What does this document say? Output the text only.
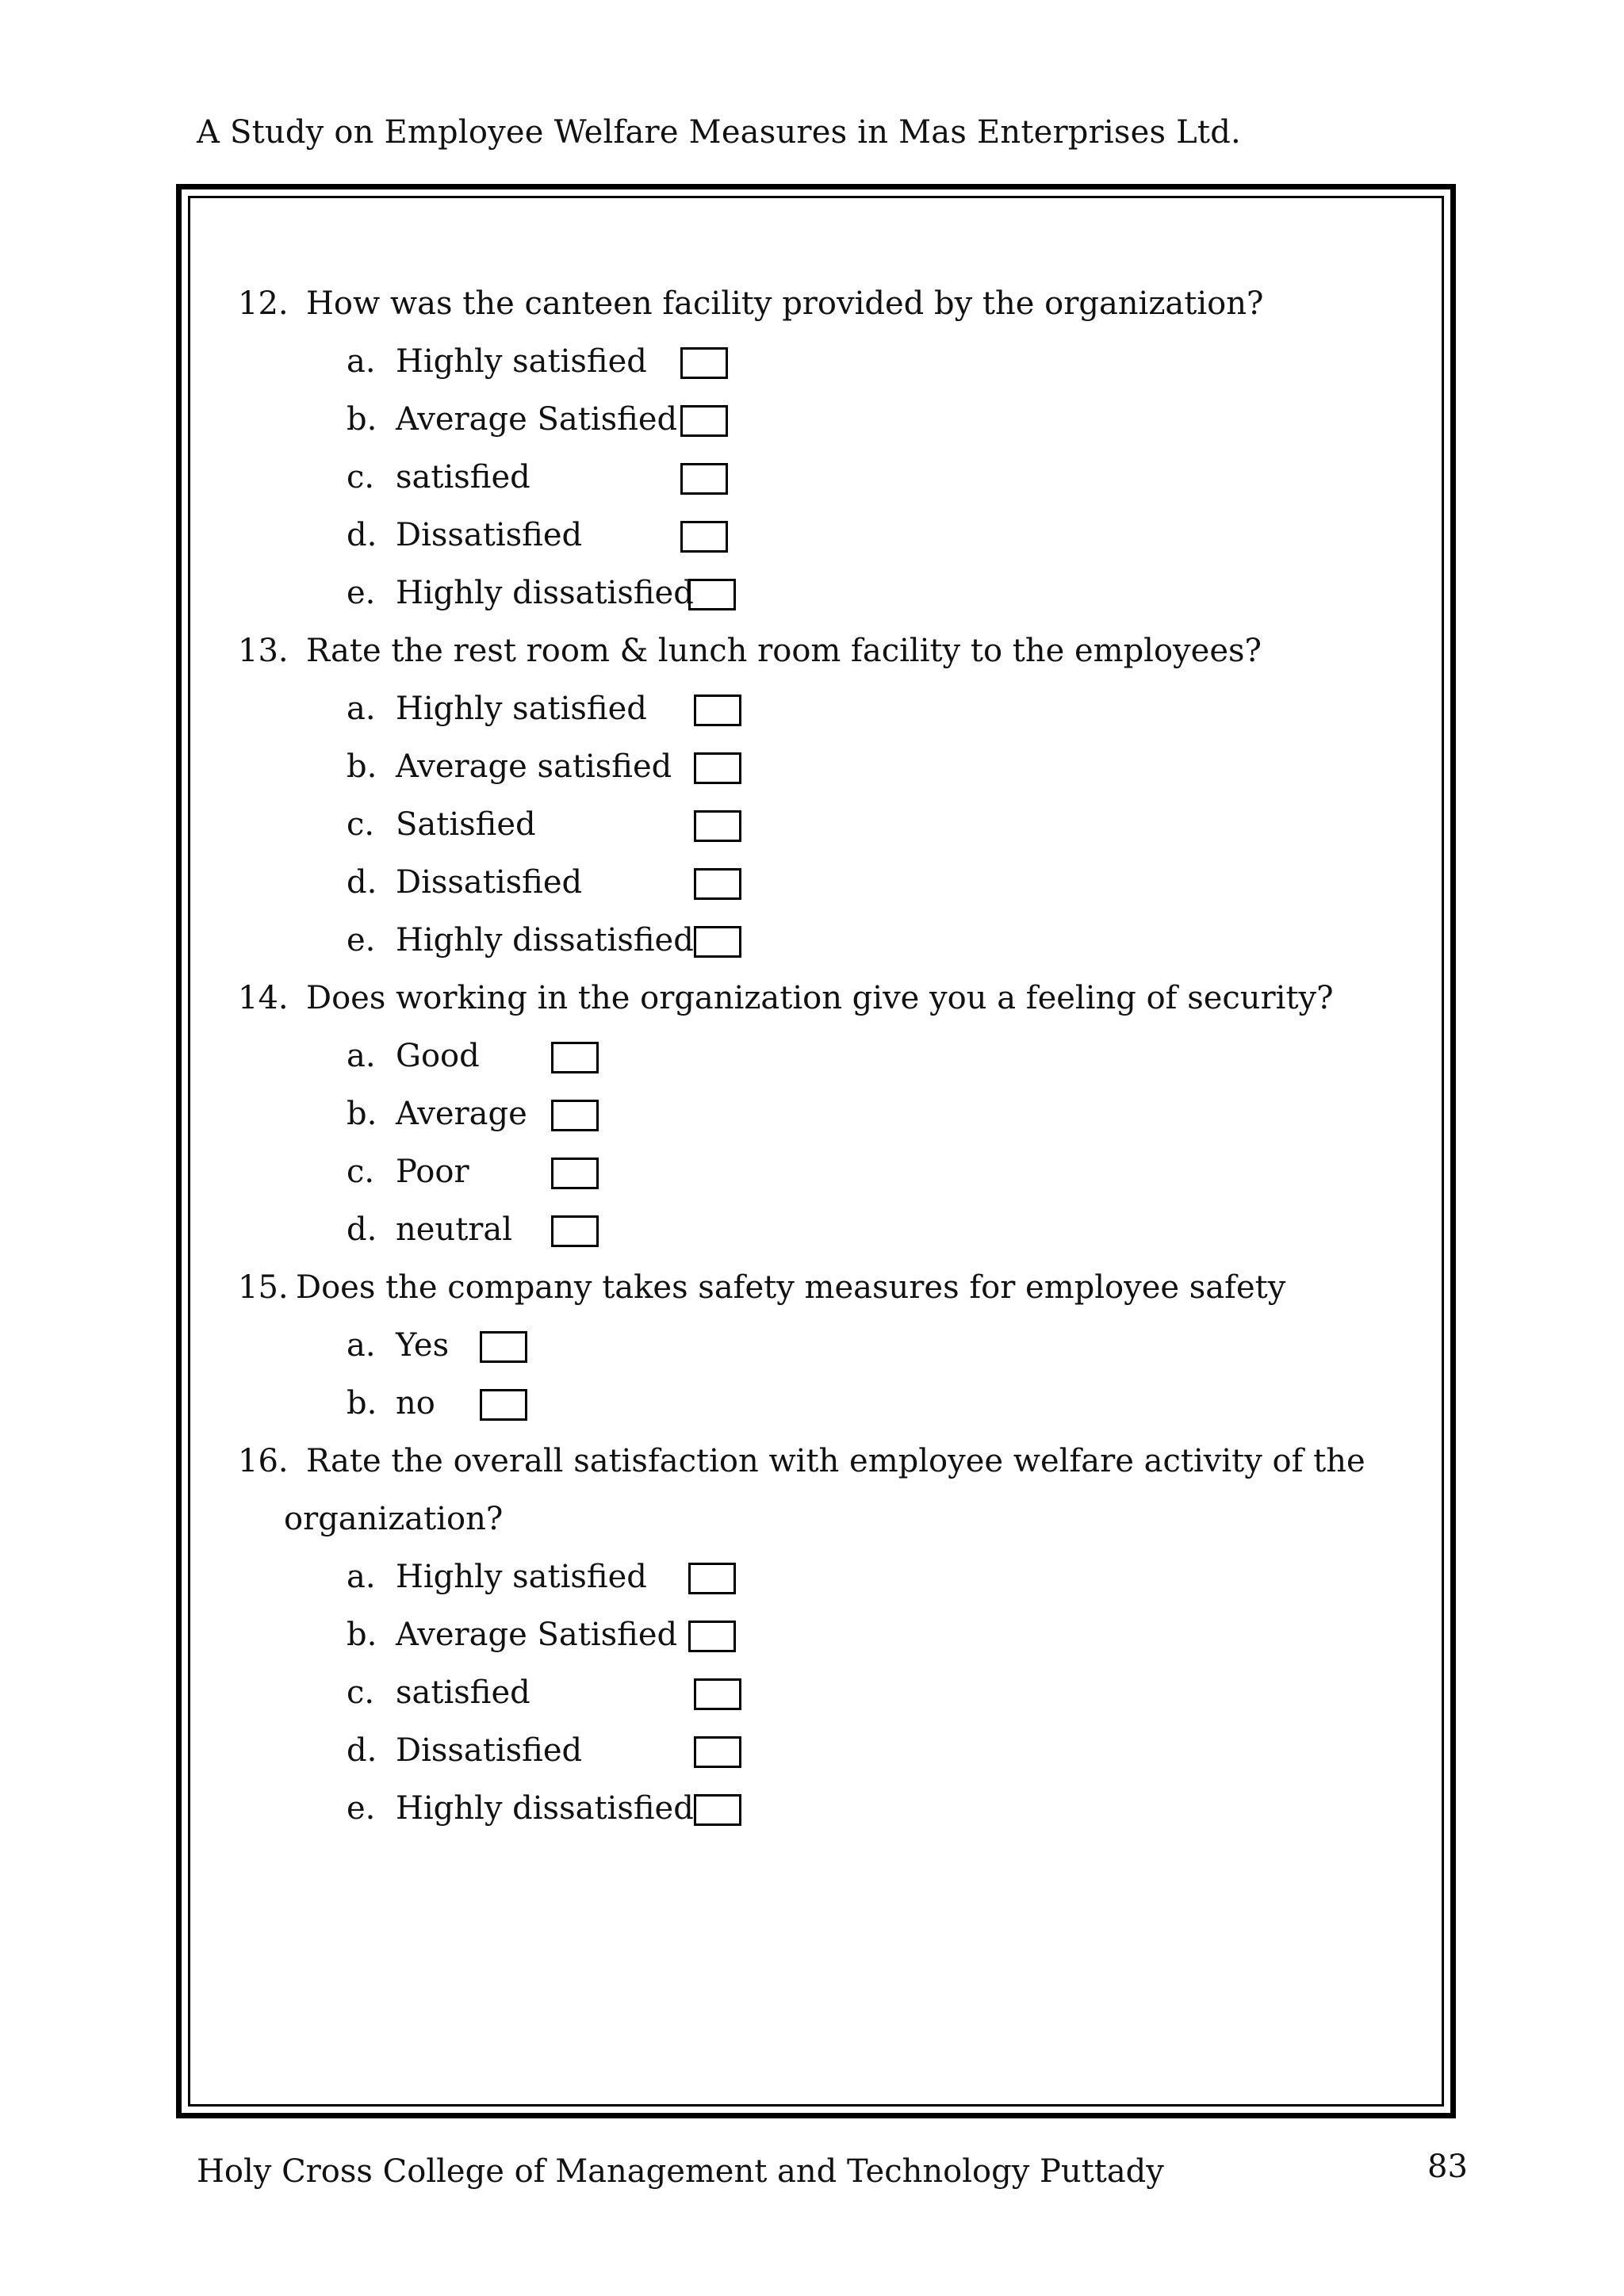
A Study on Employee Welfare Measures in Mas Enterprises Ltd.
12. How was the canteen facility provided by the organization?
a. Highly satisfied
b. Average Satisfied
c. satisfied
d. Dissatisfied
e. Highly dissatisfied
13. Rate the rest room & lunch room facility to the employees?
a. Highly satisfied
b. Average satisfied
c. Satisfied
d. Dissatisfied
e. Highly dissatisfied
14. Does working in the organization give you a feeling of security?
a. Good
b. Average
c. Poor
d. neutral
15. Does the company takes safety measures for employee safety
a. Yes
b. no
16. Rate the overall satisfaction with employee welfare activity of the
organization?
a. Highly satisfied
b. Average Satisfied
c. satisfied
d. Dissatisfied
e. Highly dissatisfied
Holy Cross College of Management and Technology Puttady	83
